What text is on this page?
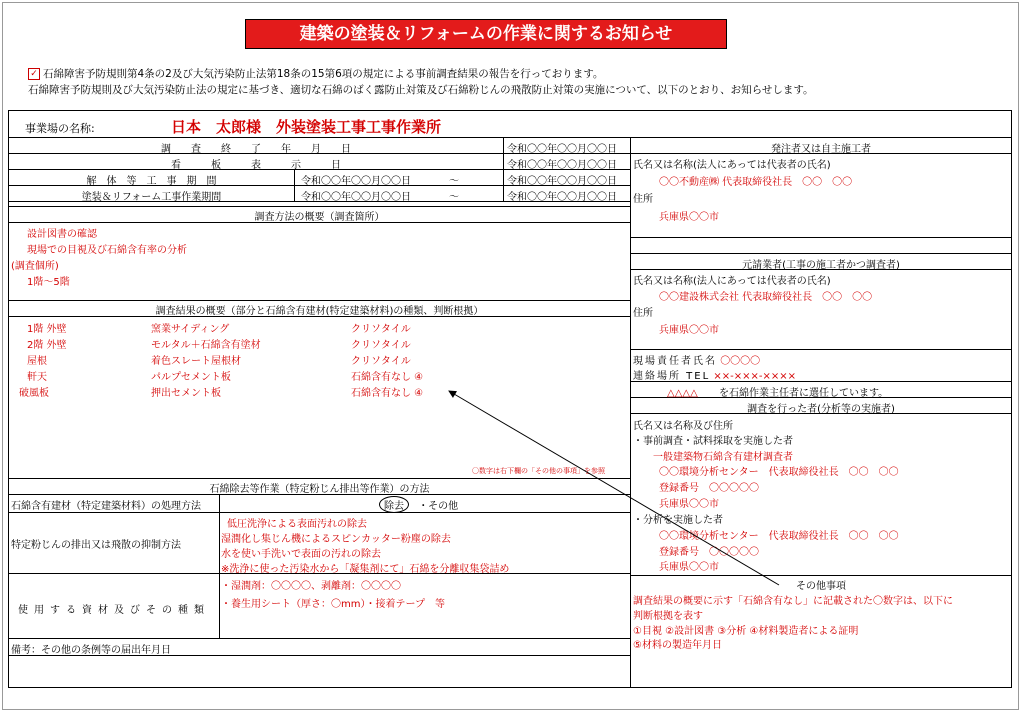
建築の塗装＆リフォームの作業に関するお知らせ
✓ 石綿障害予防規則第4条の2及び大気汚染防止法第18条の15第6項の規定による事前調査結果の報告を行っております。
石綿障害予防規則及び大気汚染防止法の規定に基づき、適切な石綿のばく露防止対策及び石綿粉じんの飛散防止対策の実施について、以下のとおり、お知らせします。
事業場の名称:	日本　太郎様　外装塗装工事工事作業所
調　　査　　終　　了　　年　　月　　日	令和〇〇年〇〇月〇〇日
看　　　板　　　表　　　示　　　日	令和〇〇年〇〇月〇〇日
解　体　等　工　事　期　間	令和〇〇年〇〇月〇〇日	〜	令和〇〇年〇〇月〇〇日
塗装＆リフォーム工事作業期間	令和〇〇年〇〇月〇〇日	〜	令和〇〇年〇〇月〇〇日
調査方法の概要（調査箇所）
設計図書の確認
現場での目視及び石綿含有率の分析
(調査個所)
1階〜5階
調査結果の概要（部分と石綿含有建材(特定建築材料)の種類、判断根拠）
1階 外壁	窯業サイディング	クリソタイル
2階 外壁	モルタル＋石綿含有塗材	クリソタイル
屋根	着色スレート屋根材	クリソタイル
軒天	パルプセメント板	石綿含有なし ④
破風板	押出セメント板	石綿含有なし ④
〇数字は右下欄の「その他の事項」を参照
石綿除去等作業（特定粉じん排出等作業）の方法
石綿含有建材（特定建築材料）の処理方法	除去 ・その他
特定粉じんの排出又は飛散の抑制方法
低圧洗浄による表面汚れの除去
湿潤化し集じん機によるスピンカッター粉塵の除去
水を使い手洗いで表面の汚れの除去
※洗浄に使った汚染水から「凝集剤にて」石綿を分離収集袋詰め
使用する資材及びその種類
・湿潤剤：〇〇〇〇、剥離剤：〇〇〇〇
・養生用シート（厚さ：〇mm）・接着テープ　等
備考：その他の条例等の届出年月日
発注者又は自主施工者
氏名又は名称(法人にあっては代表者の氏名)
〇〇不動産㈱ 代表取締役社長　〇〇　〇〇
住所
兵庫県〇〇市
元請業者(工事の施工者かつ調査者)
氏名又は名称(法人にあっては代表者の氏名)
〇〇建設株式会社 代表取締役社長　〇〇　〇〇
住所
兵庫県〇〇市
現場責任者氏名 〇〇〇〇
連絡場所 TEL ××-×××-××××
△△△△ を石綿作業主任者に選任しています。
調査を行った者(分析等の実施者)
氏名又は名称及び住所
・事前調査・試料採取を実施した者
一般建築物石綿含有建材調査者
〇〇環境分析センター　代表取締役社長　〇〇　〇〇
登録番号　〇〇〇〇〇
兵庫県〇〇市
・分析を実施した者
〇〇環境分析センター　代表取締役社長　〇〇　〇〇
登録番号　〇〇〇〇〇
兵庫県〇〇市
その他事項
調査結果の概要に示す「石綿含有なし」に記載された〇数字は、以下に
判断根拠を表す
①目視 ②設計図書 ③分析 ④材料製造者による証明
⑤材料の製造年月日
